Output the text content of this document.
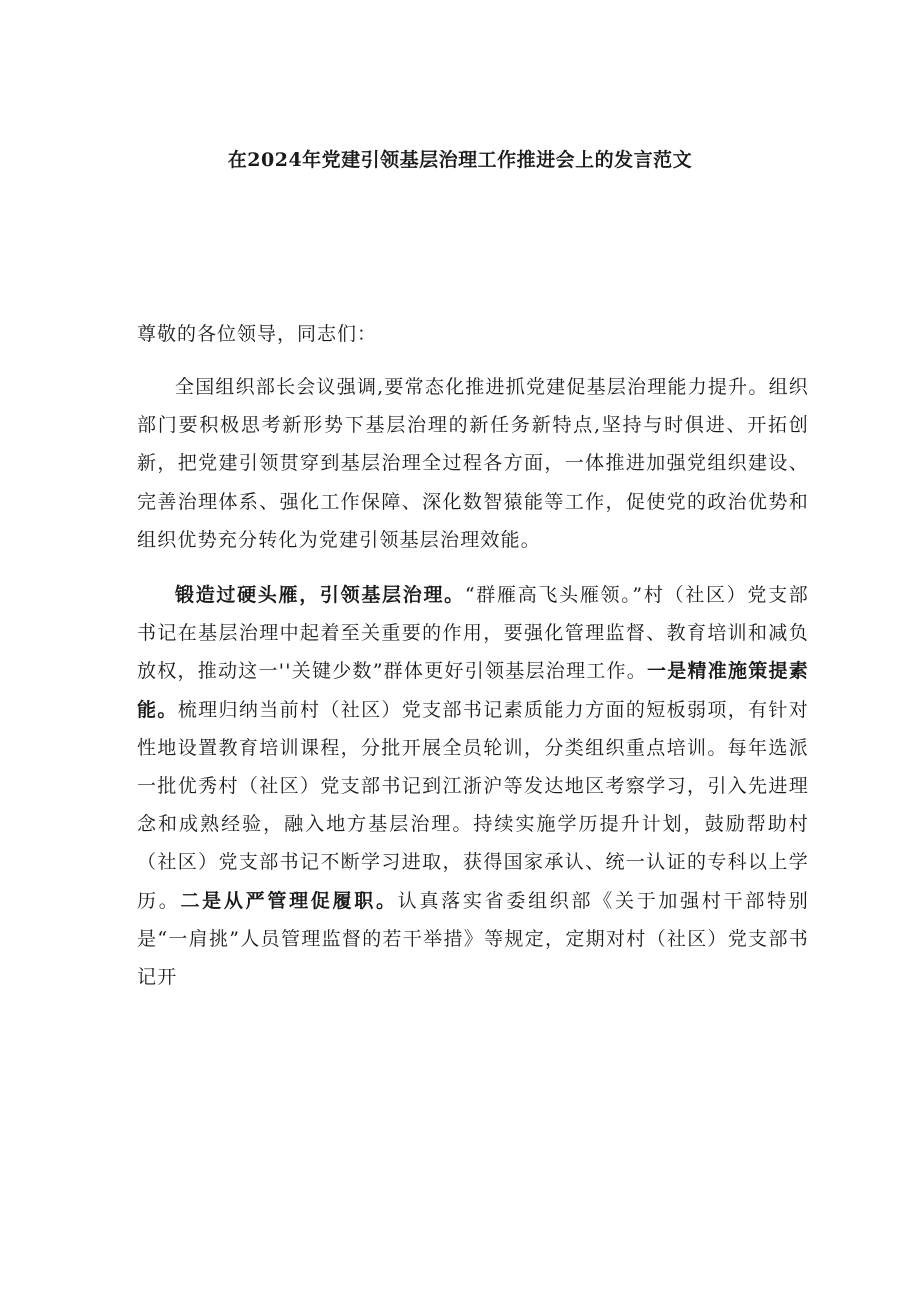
在2024年党建引领基层治理工作推进会上的发言范文
尊敬的各位领导，同志们：

全国组织部长会议强调,要常态化推进抓党建促基层治理能力提升。组织部门要积极思考新形势下基层治理的新任务新特点,坚持与时俱进、开拓创新，把党建引领贯穿到基层治理全过程各方面，一体推进加强党组织建设、完善治理体系、强化工作保障、深化数智猿能等工作，促使党的政治优势和组织优势充分转化为党建引领基层治理效能。

锻造过硬头雁，引领基层治理。“群雁高飞头雁领。”村（社区）党支部书记在基层治理中起着至关重要的作用，要强化管理监督、教育培训和减负放权，推动这一''关键少数”群体更好引领基层治理工作。一是精准施策提素能。梳理归纳当前村（社区）党支部书记素质能力方面的短板弱项，有针对性地设置教育培训课程，分批开展全员轮训，分类组织重点培训。每年选派一批优秀村（社区）党支部书记到江浙沪等发达地区考察学习，引入先进理念和成熟经验，融入地方基层治理。持续实施学历提升计划，鼓励帮助村（社区）党支部书记不断学习进取，获得国家承认、统一认证的专科以上学历。二是从严管理促履职。认真落实省委组织部《关于加强村干部特别是“一肩挑”人员管理监督的若干举措》等规定，定期对村（社区）党支部书记开
